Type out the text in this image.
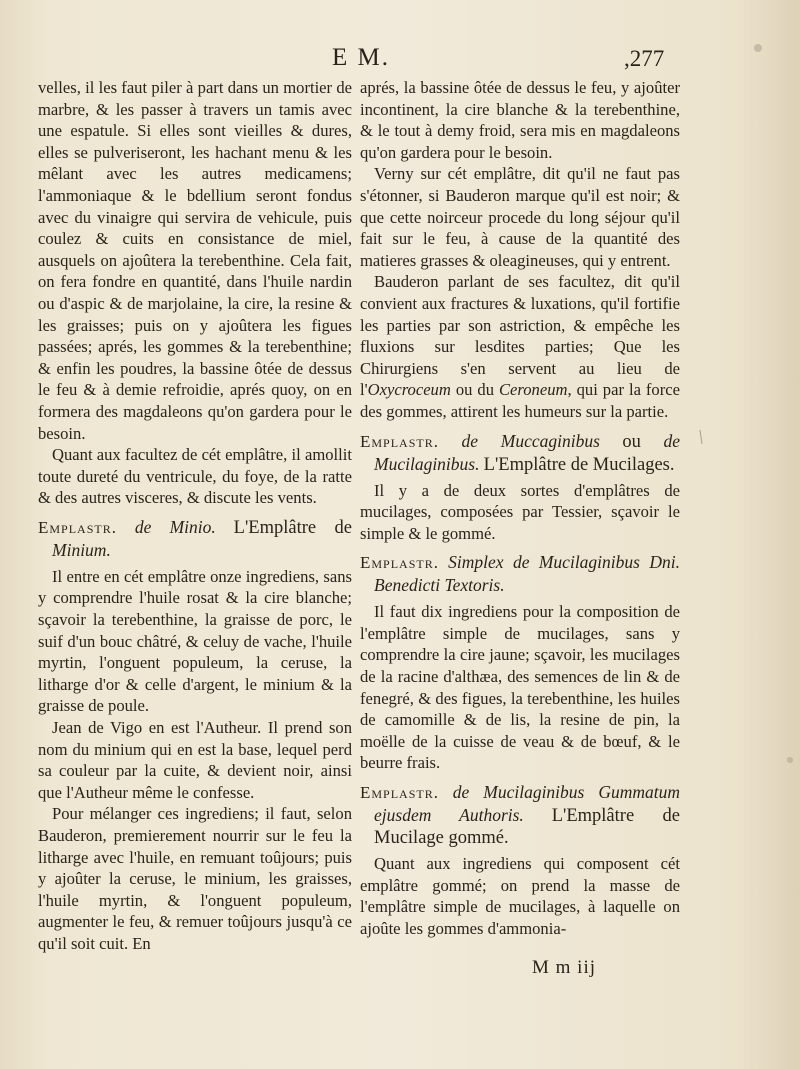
E M.	,277

velles, il les faut piler à part dans un mortier de marbre, & les passer à travers un tamis avec une espatule. Si elles sont vieilles & dures, elles se pulveriseront, les hachant menu & les mêlant avec les autres medicamens; l'ammoniaque & le bdellium seront fondus avec du vinaigre qui servira de vehicule, puis coulez & cuits en consistance de miel, ausquels on ajoûtera la terebenthine. Cela fait, on fera fondre en quantité, dans l'huile nardin ou d'aspic & de marjolaine, la cire, la resine & les graisses; puis on y ajoûtera les figues passées; aprés, les gommes & la terebenthine; & enfin les poudres, la bassine ôtée de dessus le feu & à demie refroidie, aprés quoy, on en formera des magdaleons qu'on gardera pour le besoin.

Quant aux facultez de cét emplâtre, il amollit toute dureté du ventricule, du foye, de la ratte & des autres visceres, & discute les vents.

Emplastr. de Minio. L'Emplâtre de Minium.

Il entre en cét emplâtre onze ingrediens, sans y comprendre l'huile rosat & la cire blanche; sçavoir la terebenthine, la graisse de porc, le suif d'un bouc châtré, & celuy de vache, l'huile myrtin, l'onguent populeum, la ceruse, la litharge d'or & celle d'argent, le minium & la graisse de poule.

Jean de Vigo en est l'Autheur. Il prend son nom du minium qui en est la base, lequel perd sa couleur par la cuite, & devient noir, ainsi que l'Autheur même le confesse.

Pour mélanger ces ingrediens; il faut, selon Bauderon, premierement nourrir sur le feu la litharge avec l'huile, en remuant toûjours; puis y ajoûter la ceruse, le minium, les graisses, l'huile myrtin, & l'onguent populeum, augmenter le feu, & remuer toûjours jusqu'à ce qu'il soit cuit. En

aprés, la bassine ôtée de dessus le feu, y ajoûter incontinent, la cire blanche & la terebenthine, & le tout à demy froid, sera mis en magdaleons qu'on gardera pour le besoin.

Verny sur cét emplâtre, dit qu'il ne faut pas s'étonner, si Bauderon marque qu'il est noir; & que cette noirceur procede du long séjour qu'il fait sur le feu, à cause de la quantité des matieres grasses & oleagineuses, qui y entrent.

Bauderon parlant de ses facultez, dit qu'il convient aux fractures & luxations, qu'il fortifie les parties par son astriction, & empêche les fluxions sur lesdites parties; Que les Chirurgiens s'en servent au lieu de l'Oxycroceum ou du Ceroneum, qui par la force des gommes, attirent les humeurs sur la partie.

Emplastr. de Muccaginibus ou de Mucilaginibus. L'Emplâtre de Mucilages.

Il y a de deux sortes d'emplâtres de mucilages, composées par Tessier, sçavoir le simple & le gommé.

Emplastr. Simplex de Mucilaginibus Dni. Benedicti Textoris.

Il faut dix ingrediens pour la composition de l'emplâtre simple de mucilages, sans y comprendre la cire jaune; sçavoir, les mucilages de la racine d'althæa, des semences de lin & de fenegré, & des figues, la terebenthine, les huiles de camomille & de lis, la resine de pin, la moëlle de la cuisse de veau & de bœuf, & le beurre frais.

Emplastr. de Mucilaginibus Gummatum ejusdem Authoris. L'Emplâtre de Mucilage gommé.

Quant aux ingrediens qui composent cét emplâtre gommé; on prend la masse de l'emplâtre simple de mucilages, à laquelle on ajoûte les gommes d'ammonia-

M m iij
